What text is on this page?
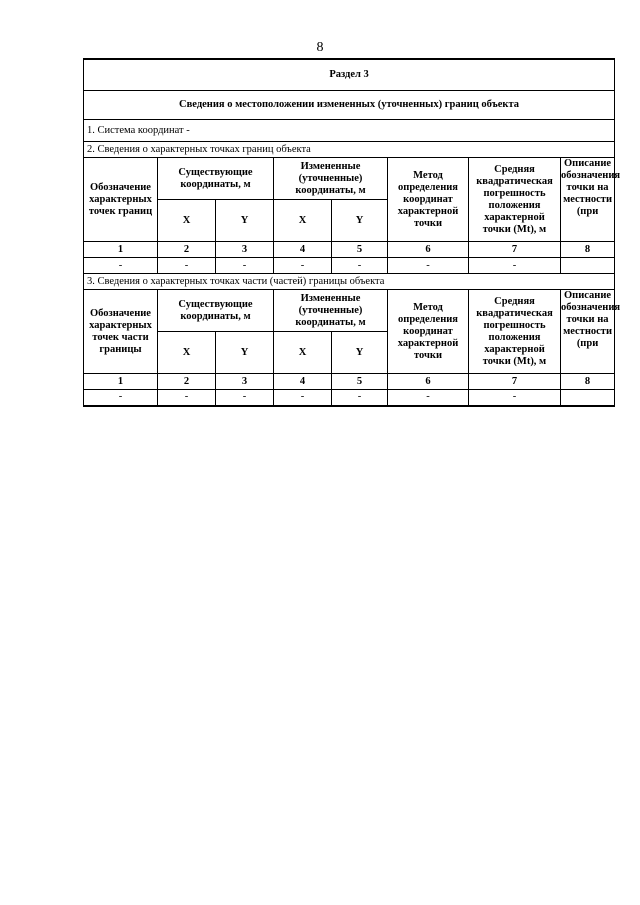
8
Раздел 3							
Сведения о местоположении измененных (уточненных) границ объекта							
1. Система координат -							
2. Сведения о характерных точках границ объекта							

Обозначение характерных точек границ	Существующие координаты, м		Измененные (уточненные) координаты, м		Метод определения координат характерной точки	Средняя квадратическая погрешность положения характерной точки (Mt), м	Описание обозначения точки на местности (при

	X	Y	X	Y			
1	2	3	4	5	6	7	8
-	-	-	-	-	-	-	
3. Сведения о характерных точках части (частей) границы объекта							
Обозначение характерных точек части границы	Существующие координаты, м		Измененные (уточненные) координаты, м		Метод определения координат характерной точки	Средняя квадратическая погрешность положения характерной точки (Mt), м	Описание обозначения точки на местности (при

	X	Y	X	Y			
1	2	3	4	5	6	7	8
-	-	-	-	-	-	-	
